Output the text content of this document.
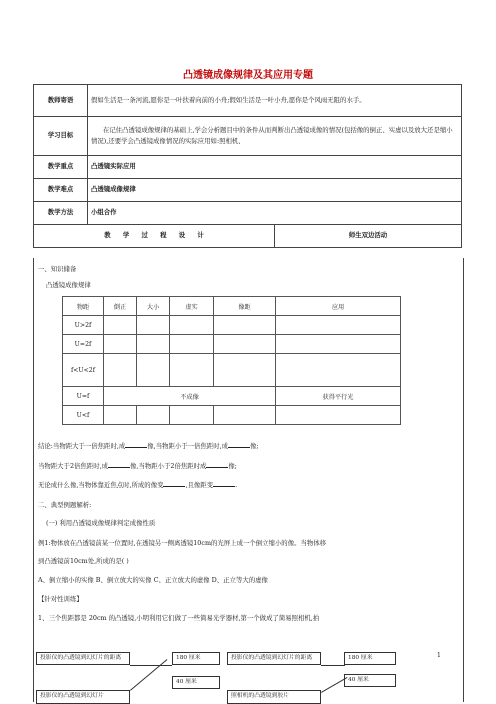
凸透镜成像规律及其应用专题
教师寄语	假如生活是一条河流,愿你是一叶扶着向前的小舟;假如生活是一叶小舟,愿你是个风雨无阻的水手。	
学习目标	在记住凸透镜成像规律的基础上,学会分析题目中的条件从而判断出凸透镜成像的情况(包括像的倒正、实虚以及放大还是缩小情况),还要学会凸透镜成像情况的实际应用如:照相机、	
教学重点	凸透镜实际应用	
教学难点	凸透镜成像规律	
教学方法	小组合作	
教 学 过 程 设 计		师生双边活动

一、知识储备

凸透镜成像规律

结论:当物距大于一倍焦距时,成	像,当物距小于一倍焦距时,成	像;

当物距大于2倍焦距时,成	像,当物距小于2倍焦距时成	像;

无论成什么像,当物体靠近焦点时,所成的像变	,且像距变	.

二、典型例题解析:

(一) 利用凸透镜成像规律判定成像性质

例1:物体放在凸透镜前某一位置时,在透镜另一侧离透镜10cm的光屏上成一个倒立缩小的像。当物体移

到凸透镜前10cm处,所成的是( )

A、倒立缩小的实像 B、倒立放大的实像 C、正立放大的虚像 D、正立等大的虚像

【针对性训练】

1、三个焦距都是 20cm 的凸透镜,小明利用它们做了一些简易光学器材,第一个做成了简易照相机,拍

物距	倒正	大小	虚实	像距	应用
U>2f					
U=2f					
f<U<2f					
U=f	不成像				获得平行光
U<f					
1
投影仪的凸透镜到幻灯片的距离
投影仪的凸透镜到幻灯片
180 厘米
40 厘米
投影仪的凸透镜到幻灯片的距离
照相机的凸透镜到胶片
180 厘米
40 厘米
